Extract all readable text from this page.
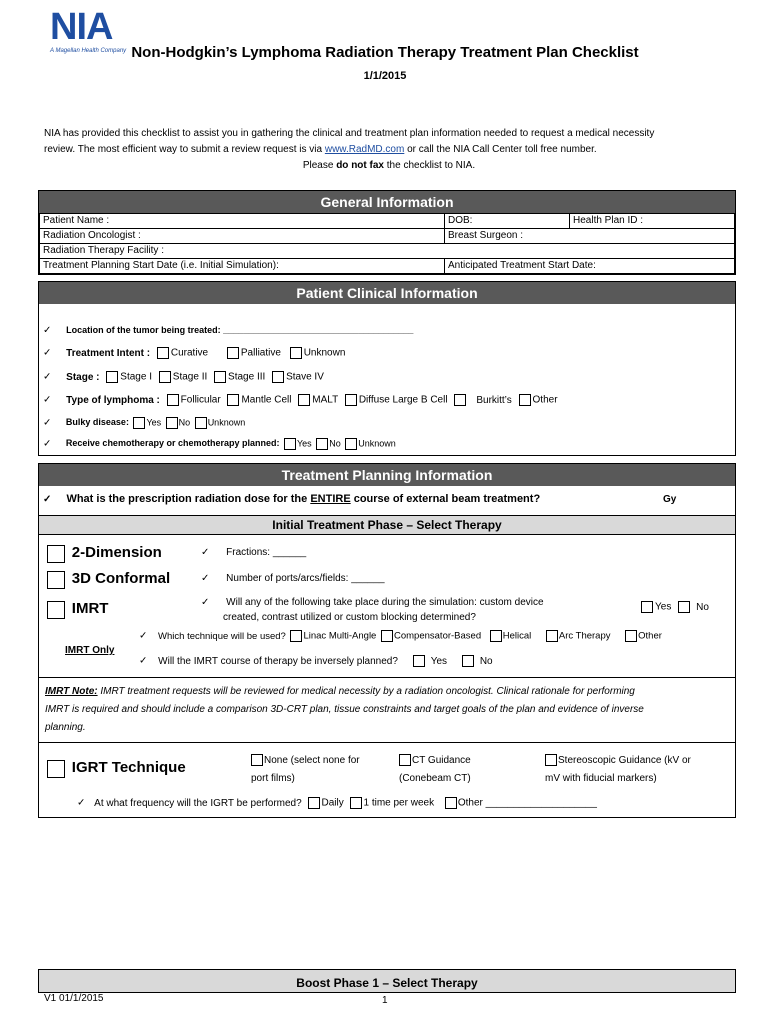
NIA
A Magellan Health Company Non-Hodgkin’s Lymphoma Radiation Therapy Treatment Plan Checklist
1/1/2015
NIA has provided this checklist to assist you in gathering the clinical and treatment plan information needed to request a medical necessity
review. The most efficient way to submit a review request is via www.RadMD.com or call the NIA Call Center toll free number.
Please do not fax the checklist to NIA.
General Information
Patient Name :	DOB:	Health Plan ID :
Radiation Oncologist :	Breast Surgeon :	
Radiation Therapy Facility :		
Treatment Planning Start Date (i.e. Initial Simulation):	Anticipated Treatment Start Date:	
Patient Clinical Information
✓ Location of the tumor being treated: ______________________________________
✓ Treatment Intent : Curative	Palliative Unknown
✓ Stage : Stage I Stage II Stage III Stave IV
✓ Type of lymphoma : Follicular Mantle Cell MALT Diffuse Large B Cell	Burkitt’s Other
✓ Bulky disease: Yes No Unknown
✓ Receive chemotherapy or chemotherapy planned: Yes No Unknown
Treatment Planning Information
✓ What is the prescription radiation dose for the ENTIRE course of external beam treatment?	Gy
Initial Treatment Phase – Select Therapy
2-Dimension
3D Conformal
IMRT
✓ Fractions: ______
✓ Number of ports/arcs/fields: ______
✓ Will any of the following take place during the simulation: custom device
created, contrast utilized or custom blocking determined?
Yes No
IMRT Only
✓ Which technique will be used? Linac Multi-Angle Compensator-Based Helical	Arc Therapy	Other
✓ Will the IMRT course of therapy be inversely planned?	Yes	No
IMRT Note: IMRT treatment requests will be reviewed for medical necessity by a radiation oncologist. Clinical rationale for performing
IMRT is required and should include a comparison 3D-CRT plan, tissue constraints and target goals of the plan and evidence of inverse
planning.
IGRT Technique	None (select none for
port films)
CT Guidance
(Conebeam CT)
Stereoscopic Guidance (kV or
mV with fiducial markers)
✓ At what frequency will the IGRT be performed? Daily 1 time per week Other ____________________
Boost Phase 1 – Select Therapy
V1 01/1/2015	1
